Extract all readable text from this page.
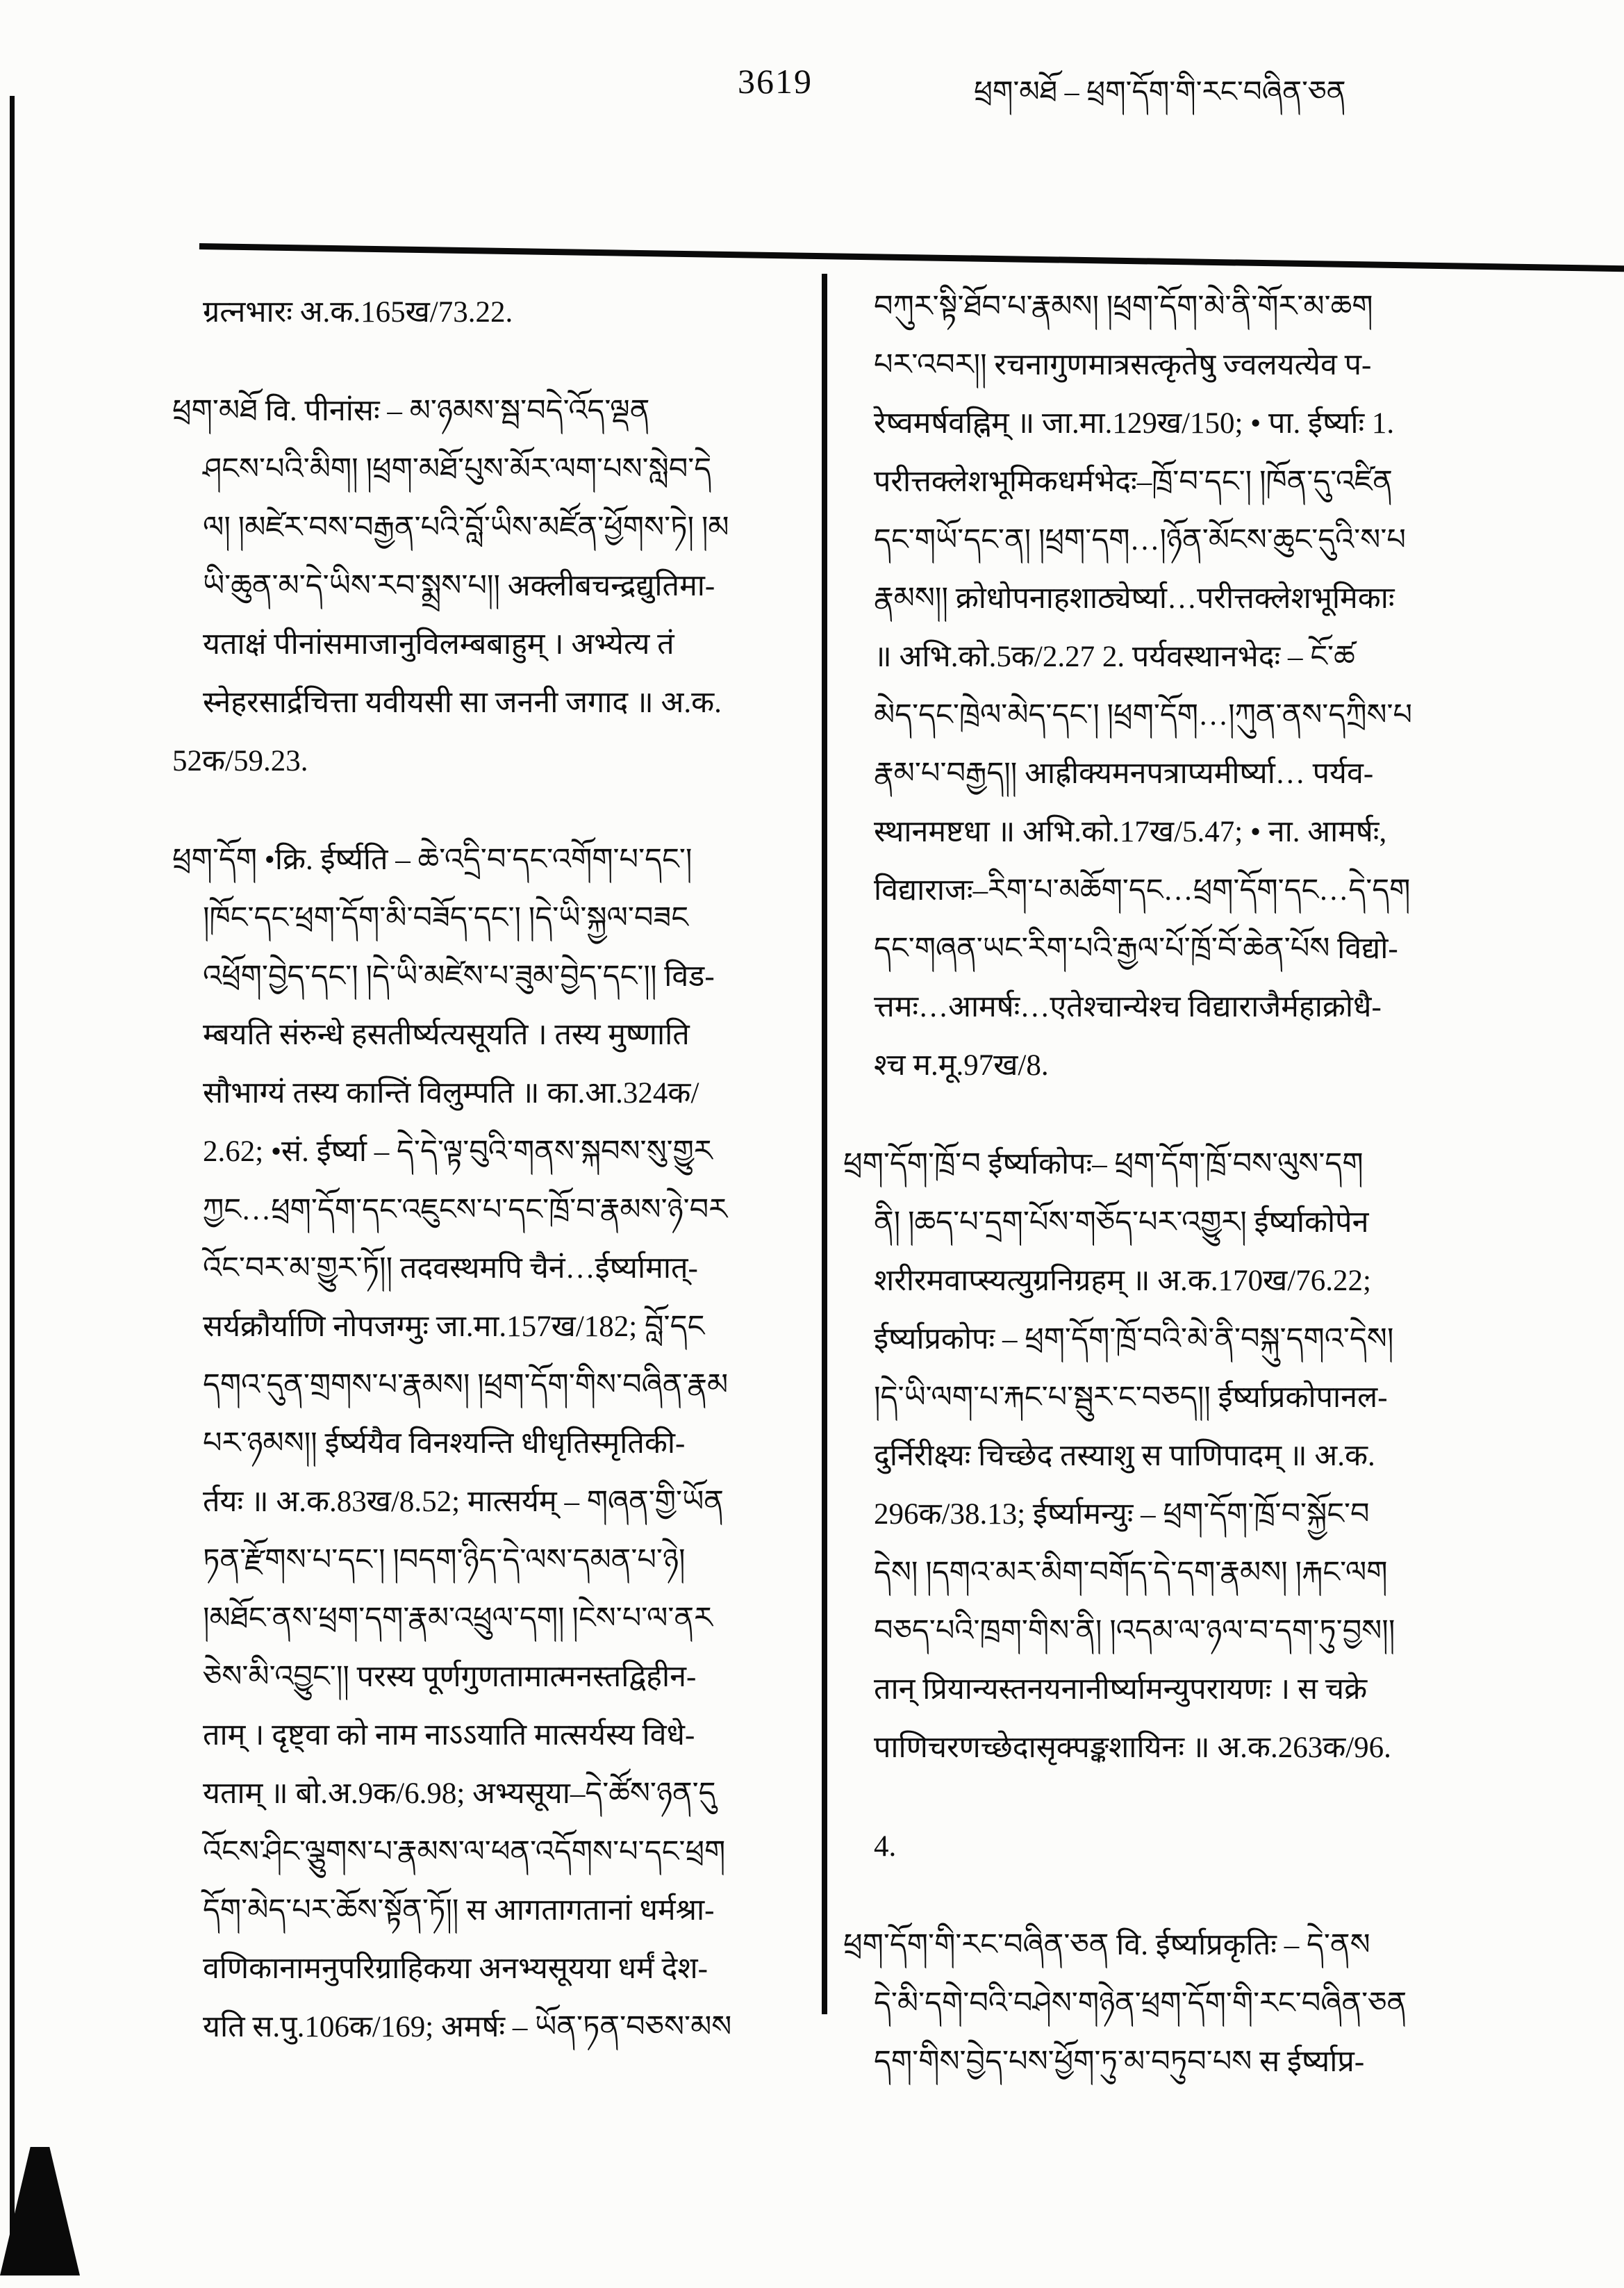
3619	ཕྲག་མཐོ – ཕྲག་དོག་གི་རང་བཞིན་ཅན
ग्रत्नभारः अ.क.165ख/73.22.
ཕྲག་མཐོ वि. पीनांसः – མ་ཉམས་སྦ་བདེ་འོད་ལྡན
ཤངས་པའི་མིག། །ཕྲག་མཐོ་པུས་མོར་ལག་པས་སླེབ་དེ
ལ། །མཛེར་བས་བརྒྱན་པའི་བློ་ཡིས་མཛོན་ཕྱོགས་ཏེ། །མ
ཡི་ཆུན་མ་དེ་ཡིས་རབ་སྨྲས་པ།། अक्लीबचन्द्रद्युतिमा-
यताक्षं पीनांसमाजानुविलम्बबाहुम् । अभ्येत्य तं
स्नेहरसार्द्रचित्ता यवीयसी सा जननी जगाद ॥ अ.क.
52क/59.23.
ཕྲག་དོག •क्रि. ईर्ष्यति – ཆེ་འདྲི་བ་དང་འགོག་པ་དང་།
།ཁོང་དང་ཕྲག་དོག་མི་བཟོད་དང་། །དེ་ཡི་སྐྱལ་བཟང
འཕྲོག་བྱེད་དང་། །དེ་ཡི་མཛེས་པ་ཟུམ་བྱེད་དང་།། विड-
म्बयति संरुन्धे हसतीर्ष्यत्यसूयति । तस्य मुष्णाति
सौभाग्यं तस्य कान्तिं विलुम्पति ॥ का.आ.324क/
2.62; •सं. ईर्ष्या – དེ་དེ་ལྟ་བུའི་གནས་སྐབས་སུ་གྱུར
ཀྱང…ཕྲག་དོག་དང་འཇུངས་པ་དང་ཁྲོ་བ་རྣམས་ཉེ་བར
འོང་བར་མ་གྱུར་ཏོ།། तदवस्थमपि चैनं…ईर्ष्यामात्-
सर्यक्रौर्याणि नोपजग्मुः जा.मा.157ख/182; བློ་དང
དགའ་དུན་གྲགས་པ་རྣམས། །ཕྲག་དོག་གིས་བཞིན་རྣམ
པར་ཉམས།། ईर्ष्ययैव विनश्यन्ति धीधृतिस्मृतिकी-
र्तयः ॥ अ.क.83ख/8.52; मात्सर्यम् – གཞན་གྱི་ཡོན
ཏན་རྫོགས་པ་དང་། །བདག་ཉིད་དེ་ལས་དམན་པ་ཉེ།
།མཐོང་ནས་ཕྲག་དག་རྣམ་འཕྲུལ་དག། །ངེས་པ་ལ་ནར
ཅེས་མི་འབྱུང་།། परस्य पूर्णगुणतामात्मनस्तद्विहीन-
ताम् । दृष्ट्वा को नाम नाऽऽयाति मात्सर्यस्य विधे-
यताम् ॥ बो.अ.9क/6.98; अभ्यसूया–དེ་ཚོས་ཉན་དུ
འོངས་ཤིང་ལྕུགས་པ་རྣམས་ལ་ཕན་འདོགས་པ་དང་ཕྲག
དོག་མེད་པར་ཆོས་སྟོན་ཏོ།། स आगतागतानां धर्मश्रा-
वणिकानामनुपरिग्राहिकया अनभ्यसूयया धर्मं देश-
यति स.पु.106क/169; अमर्षः – ཡོན་ཏན་བཅས་མས
བཀུར་སྟི་ཐོབ་པ་རྣམས། །ཕྲག་དོག་མེ་ནི་གོར་མ་ཆག
པར་འབར།། रचनागुणमात्रसत्कृतेषु ज्वलयत्येव प-
रेष्वमर्षवह्निम् ॥ जा.मा.129ख/150; • पा. ईर्ष्याः 1.
परीत्तक्लेशभूमिकधर्मभेदः–ཁྲོ་བ་དང་། །ཁོན་དུ་འཛིན
དང་གཡོ་དང་ན། །ཕྲག་དག…།ཉོན་མོངས་ཆུང་དུའི་ས་པ
རྣམས།། क्रोधोपनाहशाठ्येर्ष्या…परीत्तक्लेशभूमिकाः
॥ अभि.को.5क/2.27 2. पर्यवस्थानभेदः – ངོ་ཚ
མེད་དང་ཁྲེལ་མེད་དང་། །ཕྲག་དོག…།ཀུན་ནས་དཀྲིས་པ
རྣམ་པ་བརྒྱད།། आह्रीक्यमनपत्राप्यमीर्ष्या… पर्यव-
स्थानमष्टधा ॥ अभि.को.17ख/5.47; • ना. आमर्षः,
विद्याराजः–རིག་པ་མཆོག་དང…ཕྲག་དོག་དང…དེ་དག
དང་གཞན་ཡང་རིག་པའི་རྒྱལ་པོ་ཁྲོ་བོ་ཆེན་པོས विद्यो-
त्तमः…आमर्षः…एतेश्चान्येश्च विद्याराजैर्महाक्रोधै-
श्च म.मू.97ख/8.
ཕྲག་དོག་ཁྲོ་བ ईर्ष्याकोपः– ཕྲག་དོག་ཁྲོ་བས་ལུས་དག
ནི། །ཆད་པ་དྲག་པོས་གཅོད་པར་འགྱུར། ईर्ष्याकोपेन
शरीरमवाप्स्यत्युग्रनिग्रहम् ॥ अ.क.170ख/76.22;
ईर्ष्याप्रकोपः – ཕྲག་དོག་ཁྲོ་བའི་མེ་ནི་བསྐུ་དགའ་དེས།
།དེ་ཡི་ལག་པ་རྐང་པ་སྦུར་ང་བཅད།། ईर्ष्याप्रकोपानल-
दुर्निरीक्ष्यः चिच्छेद तस्याशु स पाणिपादम् ॥ अ.क.
296क/38.13; ईर्ष्यामन्युः – ཕྲག་དོག་ཁྲོ་བ་སྐྱོང་བ
དེས། །དགའ་མར་མིག་བགོད་དེ་དག་རྣམས། །རྐང་ལག
བཅད་པའི་ཁྲག་གིས་ནི། །འདམ་ལ་ཉལ་བ་དག་ཏུ་བྱས།།
तान् प्रियान्यस्तनयनानीर्ष्यामन्युपरायणः । स चक्रे
पाणिचरणच्छेदासृक्पङ्कशायिनः ॥ अ.क.263क/96.
4.
ཕྲག་དོག་གི་རང་བཞིན་ཅན वि. ईर्ष्याप्रकृतिः – དེ་ནས
དེ་མི་དགེ་བའི་བཤེས་གཉེན་ཕྲག་དོག་གི་རང་བཞིན་ཅན
དག་གིས་བྱེད་པས་ཕྱོག་ཏུ་མ་བཏུབ་པས स ईर्ष्याप्र-
